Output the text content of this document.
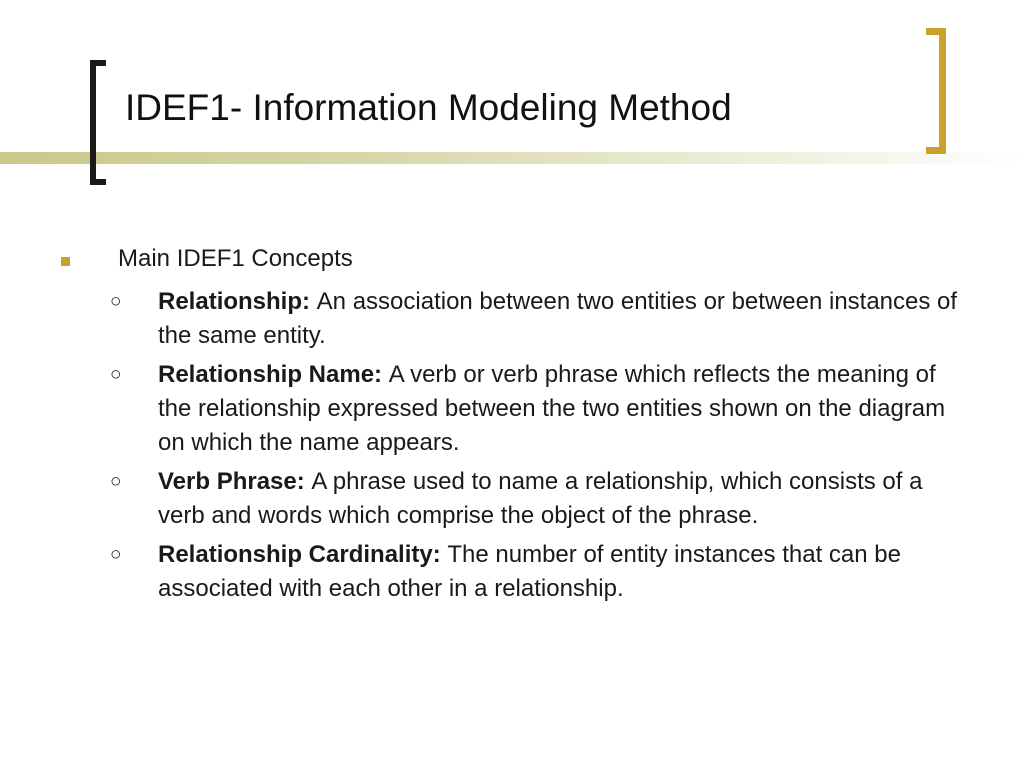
IDEF1- Information Modeling Method
Main IDEF1 Concepts
○ Relationship: An association between two entities or between instances of the same entity.
○ Relationship Name: A verb or verb phrase which reflects the meaning of the relationship expressed between the two entities shown on the diagram on which the name appears.
○ Verb Phrase: A phrase used to name a relationship, which consists of a verb and words which comprise the object of the phrase.
○ Relationship Cardinality: The number of entity instances that can be associated with each other in a relationship.
